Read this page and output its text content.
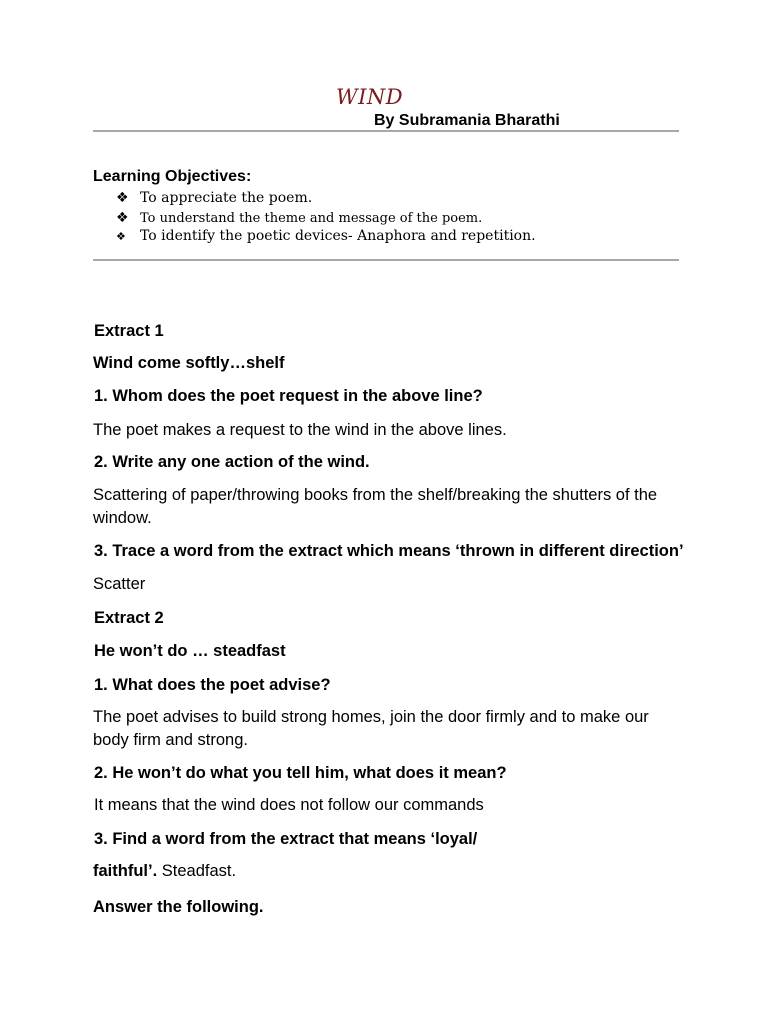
WIND
By Subramania Bharathi
Learning Objectives:
❖ To appreciate the poem.
❖ To understand the theme and message of the poem.
❖ To identify the poetic devices- Anaphora and repetition.
Extract 1
Wind come softly…shelf
1. Whom does the poet request in the above line?
The poet makes a request to the wind in the above lines.
2. Write any one action of the wind.
Scattering of paper/throwing books from the shelf/breaking the shutters of the window.
3. Trace a word from the extract which means ‘thrown in different direction’
Scatter
Extract 2
He won’t do … steadfast
1. What does the poet advise?
The poet advises to build strong homes, join the door firmly and to make our body firm and strong.
2. He won’t do what you tell him, what does it mean?
It means that the wind does not follow our commands
3. Find a word from the extract that means ‘loyal/
faithful’. Steadfast.
Answer the following.
